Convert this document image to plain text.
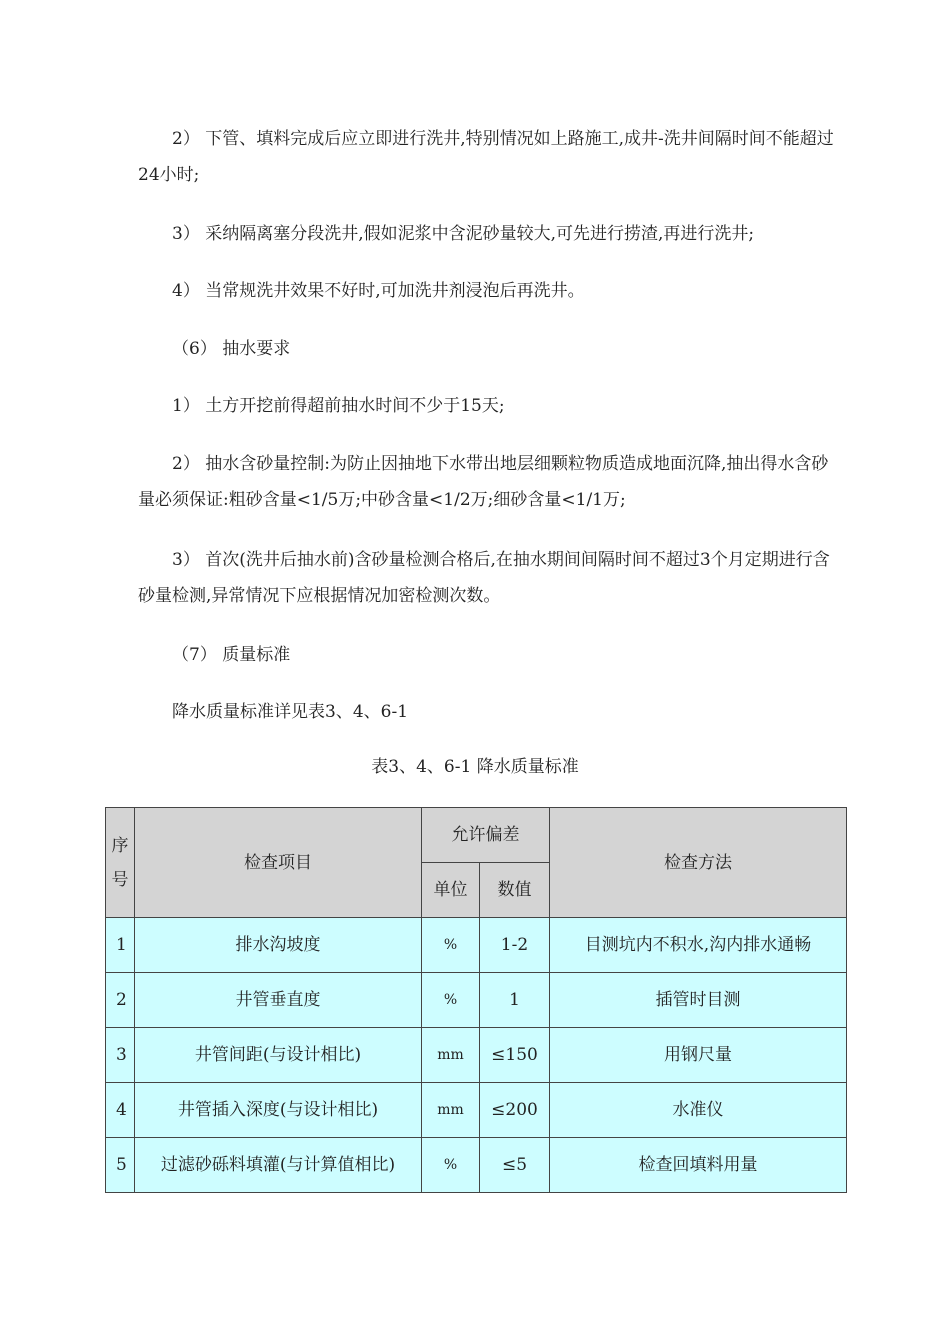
2） 下管、填料完成后应立即进行洗井,特别情况如上路施工,成井-洗井间隔时间不能超过24小时;

3） 采纳隔离塞分段洗井,假如泥浆中含泥砂量较大,可先进行捞渣,再进行洗井;

4） 当常规洗井效果不好时,可加洗井剂浸泡后再洗井。

（6） 抽水要求

1） 土方开挖前得超前抽水时间不少于15天;

2） 抽水含砂量控制:为防止因抽地下水带出地层细颗粒物质造成地面沉降,抽出得水含砂量必须保证:粗砂含量<1/5万;中砂含量<1/2万;细砂含量<1/1万;

3） 首次(洗井后抽水前)含砂量检测合格后,在抽水期间间隔时间不超过3个月定期进行含砂量检测,异常情况下应根据情况加密检测次数。

（7） 质量标准

降水质量标准详见表3、4、6-1

表3、4、6-1 降水质量标准
序
号	检查项目	允许偏差		检查方法
		单位	数值	
1	排水沟坡度	%	1-2	目测坑内不积水,沟内排水通畅
2	井管垂直度	%	1	插管时目测
3	井管间距(与设计相比)	mm	≤150	用钢尺量
4	井管插入深度(与设计相比)	mm	≤200	水准仪
5	过滤砂砾料填灌(与计算值相比)	%	≤5	检查回填料用量
